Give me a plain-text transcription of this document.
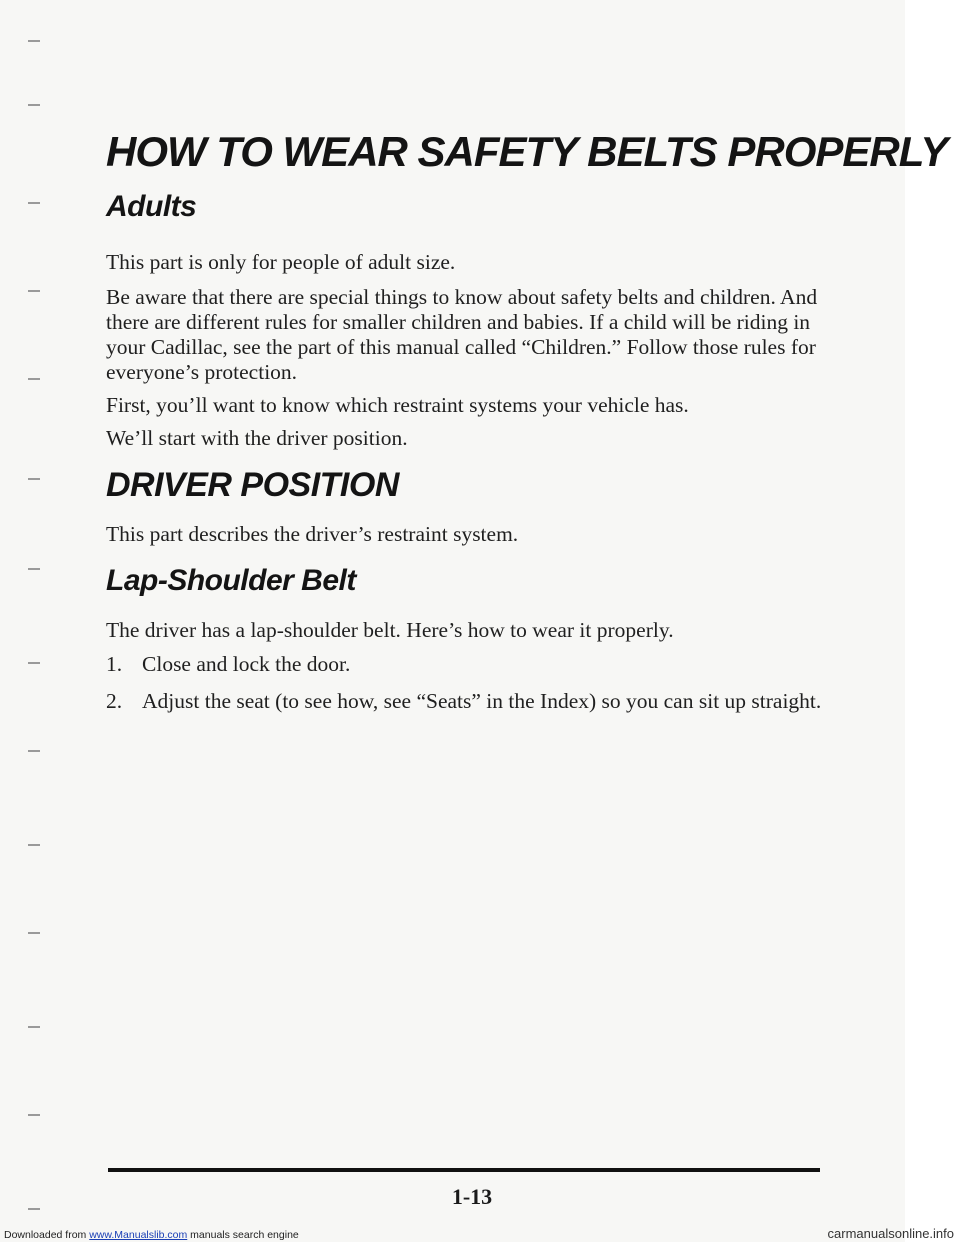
HOW TO WEAR SAFETY BELTS PROPERLY
Adults

This part is only for people of adult size.

Be aware that there are special things to know about safety belts and children. And there are different rules for smaller children and babies. If a child will be riding in your Cadillac, see the part of this manual called “Children.” Follow those rules for everyone’s protection.

First, you’ll want to know which restraint systems your vehicle has.

We’ll start with the driver position.

DRIVER POSITION

This part describes the driver’s restraint system.

Lap-Shoulder Belt

The driver has a lap-shoulder belt. Here’s how to wear it properly.

1. Close and lock the door.
2. Adjust the seat (to see how, see “Seats” in the Index) so you can sit up straight.
1-13
Downloaded from www.Manualslib.com manuals search engine	carmanualsonline.info
